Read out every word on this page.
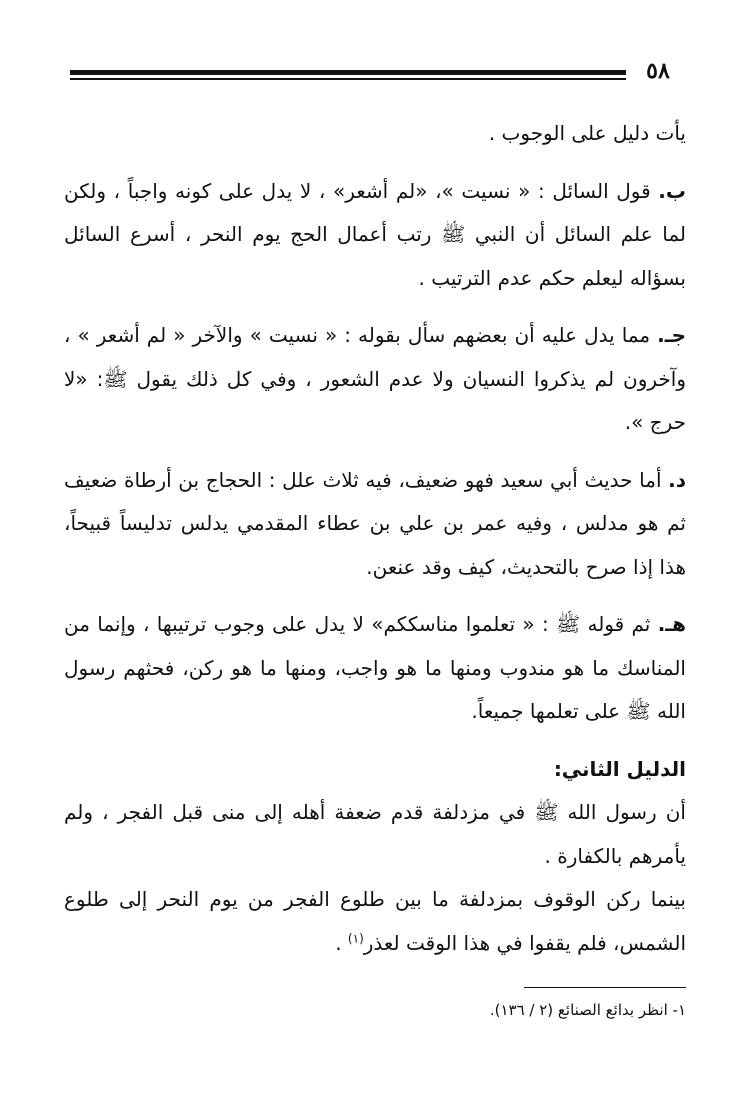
٥٨

يأت دليل على الوجوب .

ب. قول السائل : « نسيت »، «لم أشعر» ، لا يدل على كونه واجباً ، ولكن لما علم السائل أن النبي ﷺ رتب أعمال الحج يوم النحر ، أسرع السائل بسؤاله ليعلم حكم عدم الترتيب .

جـ. مما يدل عليه أن بعضهم سأل بقوله : « نسيت » والآخر « لم أشعر » ، وآخرون لم يذكروا النسيان ولا عدم الشعور ، وفي كل ذلك يقول ﷺ: «لا حرج ».

د. أما حديث أبي سعيد فهو ضعيف، فيه ثلاث علل : الحجاج بن أرطاة ضعيف ثم هو مدلس ، وفيه عمر بن علي بن عطاء المقدمي يدلس تدليساً قبيحاً، هذا إذا صرح بالتحديث، كيف وقد عنعن.

هـ. ثم قوله ﷺ : « تعلموا مناسككم» لا يدل على وجوب ترتيبها ، وإنما من المناسك ما هو مندوب ومنها ما هو واجب، ومنها ما هو ركن، فحثهم رسول الله ﷺ على تعلمها جميعاً.

الدليل الثاني:

أن رسول الله ﷺ في مزدلفة قدم ضعفة أهله إلى منى قبل الفجر ، ولم يأمرهم بالكفارة .

بينما ركن الوقوف بمزدلفة ما بين طلوع الفجر من يوم النحر إلى طلوع الشمس، فلم يقفوا في هذا الوقت لعذر$^{(١)}$ .

١- انظر بدائع الصنائع (٢ / ١٣٦).
